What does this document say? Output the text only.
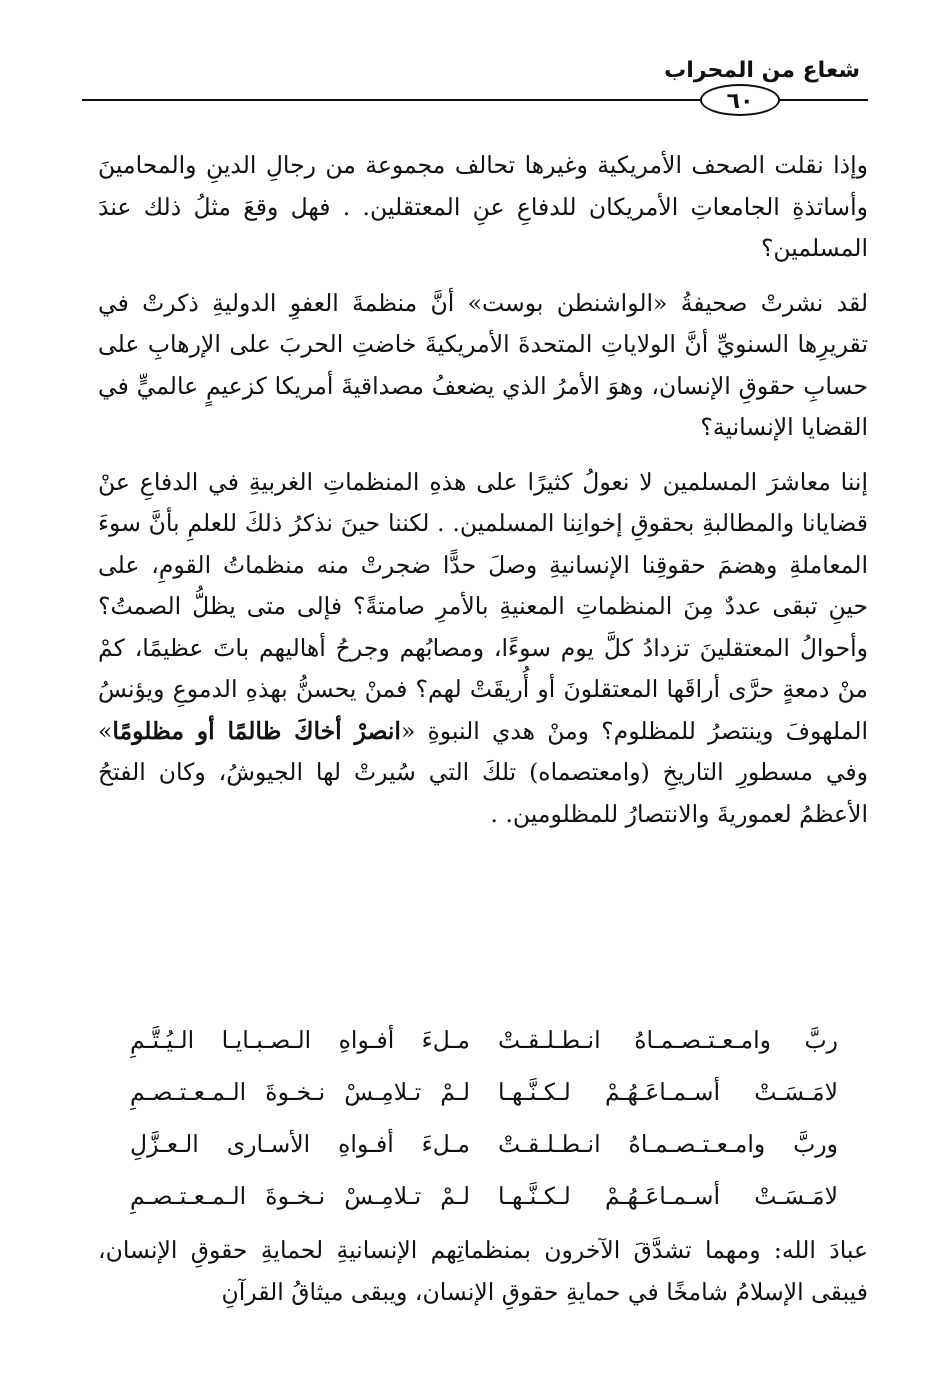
شعاع من المحراب
٦٠

وإذا نقلت الصحف الأمريكية وغيرها تحالف مجموعة من رجالِ الدينِ والمحامينَ وأساتذةِ الجامعاتِ الأمريكان للدفاعِ عنِ المعتقلين. . فهل وقعَ مثلُ ذلك عندَ المسلمين؟

لقد نشرتْ صحيفةُ «الواشنطن بوست» أنَّ منظمةَ العفوِ الدوليةِ ذكرتْ في تقريرِها السنويِّ أنَّ الولاياتِ المتحدةَ الأمريكيةَ خاضتِ الحربَ على الإرهابِ على حسابِ حقوقِ الإنسان، وهوَ الأمرُ الذي يضعفُ مصداقيةَ أمريكا كزعيمٍ عالميٍّ في القضايا الإنسانية؟

إننا معاشرَ المسلمين لا نعولُ كثيرًا على هذهِ المنظماتِ الغربيةِ في الدفاعِ عنْ قضايانا والمطالبةِ بحقوقِ إخوانِنا المسلمين. . لكننا حينَ نذكرُ ذلكَ للعلمِ بأنَّ سوءَ المعاملةِ وهضمَ حقوقِنا الإنسانيةِ وصلَ حدًّا ضجرتْ منه منظماتُ القومِ، على حينِ تبقى عددٌ مِنَ المنظماتِ المعنيةِ بالأمرِ صامتةً؟ فإلى متى يظلُّ الصمتُ؟ وأحوالُ المعتقلينَ تزدادُ كلَّ يوم سوءًا، ومصابُهم وجرحُ أهاليهم باتَ عظيمًا، كمْ منْ دمعةٍ حرَّى أراقَها المعتقلونَ أو أُريقَتْ لهم؟ فمنْ يحسنُّ بهذهِ الدموعِ ويؤنسُ الملهوفَ وينتصرُ للمظلوم؟ ومنْ هدي النبوةِ «انصرْ أخاكَ ظالمًا أو مظلومًا» وفي مسطورِ التاريخِ (وامعتصماه) تلكَ التي سُيرتْ لها الجيوشُ، وكان الفتحُ الأعظمُ لعموريةَ والانتصارُ للمظلومين. .

ربَّ وامـعـتـصـمـاهُ انـطـلـقـتْ
مـلءَ أفـواهِ الـصـبـايـا الـيُـتَّـمِ
لامَـسَـتْ أسـمـاعَـهُـمْ لـكـنَّـهـا
لـمْ تـلامِـسْ نـخـوةَ الـمـعـتـصـمِ
وربَّ وامـعـتـصـمـاهُ انـطـلـقـتْ
مـلءَ أفـواهِ الأسـارى الـعـزَّلِ
لامَـسَـتْ أسـمـاعَـهُـمْ لـكـنَّـهـا
لـمْ تـلامِـسْ نـخـوةَ الـمـعـتـصـمِ

عبادَ الله: ومهما تشدَّقَ الآخرون بمنظماتِهم الإنسانيةِ لحمايةِ حقوقِ الإنسان، فيبقى الإسلامُ شامخًا في حمايةِ حقوقِ الإنسان، ويبقى ميثاقُ القرآنِ
